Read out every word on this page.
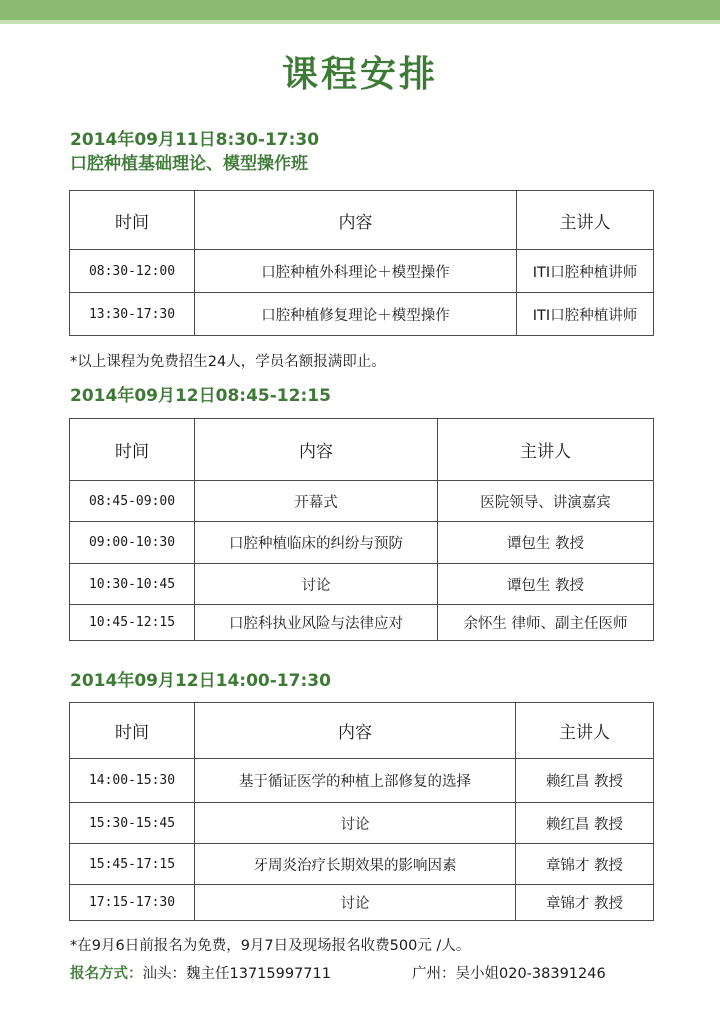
课程安排
2014年09月11日8:30-17:30
口腔种植基础理论、模型操作班
时间	内容	主讲人
08:30-12:00	口腔种植外科理论＋模型操作	ITI口腔种植讲师
13:30-17:30	口腔种植修复理论＋模型操作	ITI口腔种植讲师
*以上课程为免费招生24人，学员名额报满即止。
2014年09月12日08:45-12:15
时间	内容	主讲人
08:45-09:00	开幕式	医院领导、讲演嘉宾
09:00-10:30	口腔种植临床的纠纷与预防	谭包生 教授
10:30-10:45	讨论	谭包生 教授
10:45-12:15	口腔科执业风险与法律应对	余怀生 律师、副主任医师
2014年09月12日14:00-17:30
时间	内容	主讲人
14:00-15:30	基于循证医学的种植上部修复的选择	赖红昌 教授
15:30-15:45	讨论	赖红昌 教授
15:45-17:15	牙周炎治疗长期效果的影响因素	章锦才 教授
17:15-17:30	讨论	章锦才 教授
*在9月6日前报名为免费，9月7日及现场报名收费500元 /人。
报名方式：汕头：魏主任13715997711	广州：吴小姐020-38391246
